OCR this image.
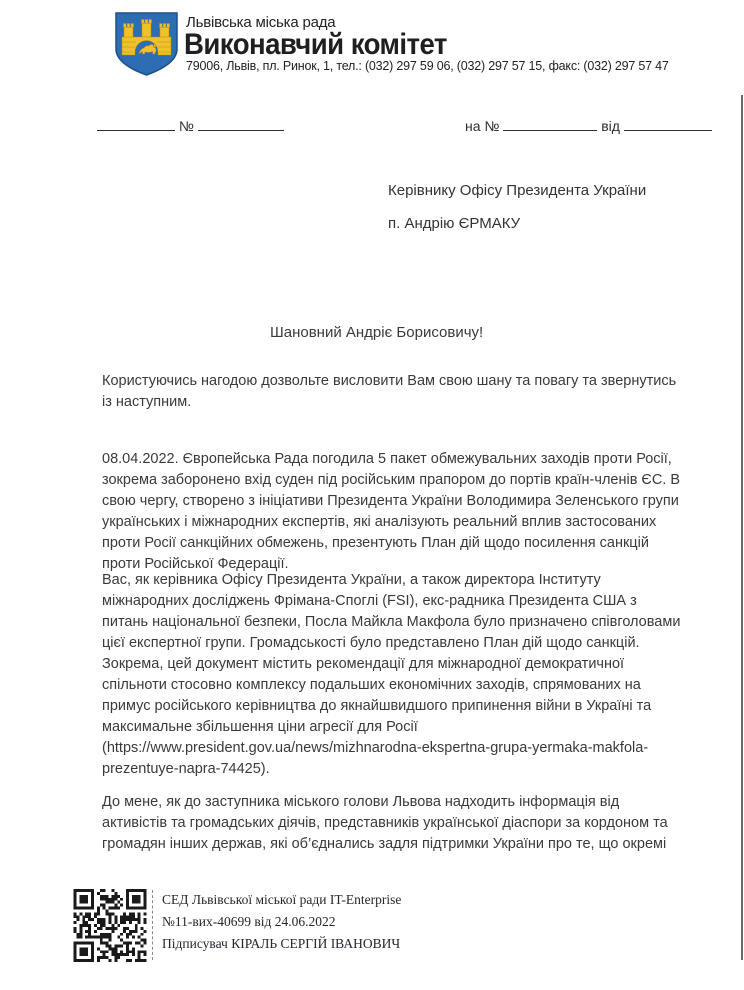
Львівська міська рада
Виконавчий комітет
79006, Львів, пл. Ринок, 1, тел.: (032) 297 59 06, (032) 297 57 15, факс: (032) 297 57 47
№	на №	від
Керівнику Офісу Президента України
п. Андрію ЄРМАКУ
Шановний Андріє Борисовичу!
Користуючись нагодою дозвольте висловити Вам свою шану та повагу та звернутись із наступним.
08.04.2022. Європейська Рада погодила 5 пакет обмежувальних заходів проти Росії, зокрема заборонено вхід суден під російським прапором до портів країн-членів ЄС. В свою чергу, створено з ініціативи Президента України Володимира Зеленського групи українських і міжнародних експертів, які аналізують реальний вплив застосованих проти Росії санкційних обмежень, презентують План дій щодо посилення санкцій проти Російської Федерації.
Вас, як керівника Офісу Президента України, а також директора Інституту міжнародних досліджень Фрімана-Споглі (FSI), екс-радника Президента США з питань національної безпеки, Посла Майкла Макфола було призначено співголовами цієї експертної групи. Громадськості було представлено План дій щодо санкцій. Зокрема, цей документ містить рекомендації для міжнародної демократичної спільноти стосовно комплексу подальших економічних заходів, спрямованих на примус російського керівництва до якнайшвидшого припинення війни в Україні та максимальне збільшення ціни агресії для Росії (https://www.president.gov.ua/news/mizhnarodna-ekspertna-grupa-yermaka-makfola-prezentuye-napra-74425).
До мене, як до заступника міського голови Львова надходить інформація від активістів та громадських діячів, представників української діаспори за кордоном та громадян інших держав, які об’єднались задля підтримки України про те, що окремі
СЕД Львівської міської ради IT-Enterprise
№11-вих-40699 від 24.06.2022
Підписувач КІРАЛЬ СЕРГІЙ ІВАНОВИЧ
